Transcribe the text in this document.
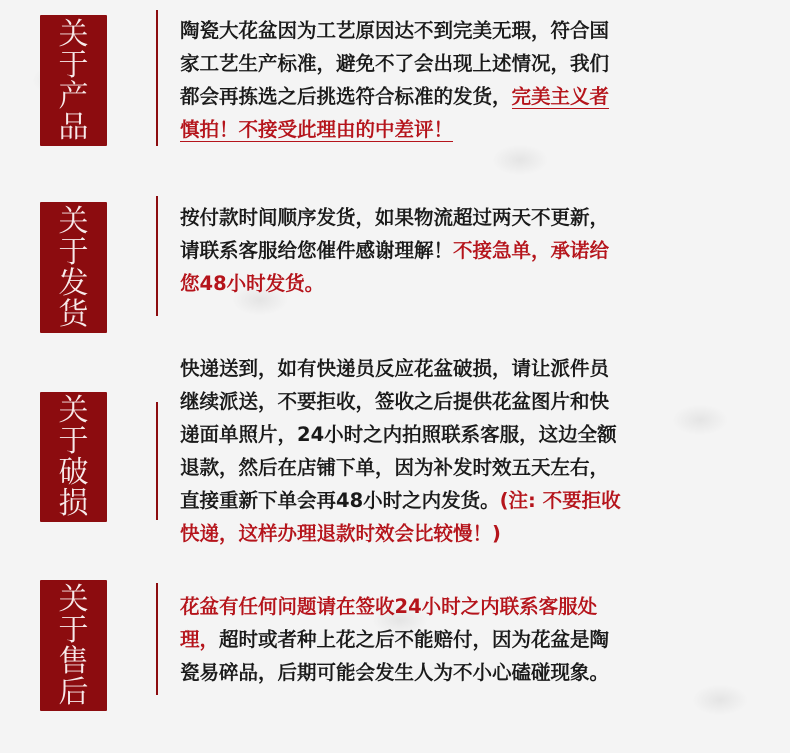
关
于
产
品
陶瓷大花盆因为工艺原因达不到完美无瑕，符合国
家工艺生产标准，避免不了会出现上述情况，我们
都会再拣选之后挑选符合标准的发货，完美主义者
慎拍！不接受此理由的中差评！
关
于
发
货
按付款时间顺序发货，如果物流超过两天不更新，
请联系客服给您催件感谢理解！不接急单，承诺给
您48小时发货。
关
于
破
损
快递送到，如有快递员反应花盆破损，请让派件员
继续派送，不要拒收，签收之后提供花盆图片和快
递面单照片，24小时之内拍照联系客服，这边全额
退款，然后在店铺下单，因为补发时效五天左右，
直接重新下单会再48小时之内发货。(注: 不要拒收
快递，这样办理退款时效会比较慢！)
关
于
售
后
花盆有任何问题请在签收24小时之内联系客服处
理，超时或者种上花之后不能赔付，因为花盆是陶
瓷易碎品，后期可能会发生人为不小心磕碰现象。
